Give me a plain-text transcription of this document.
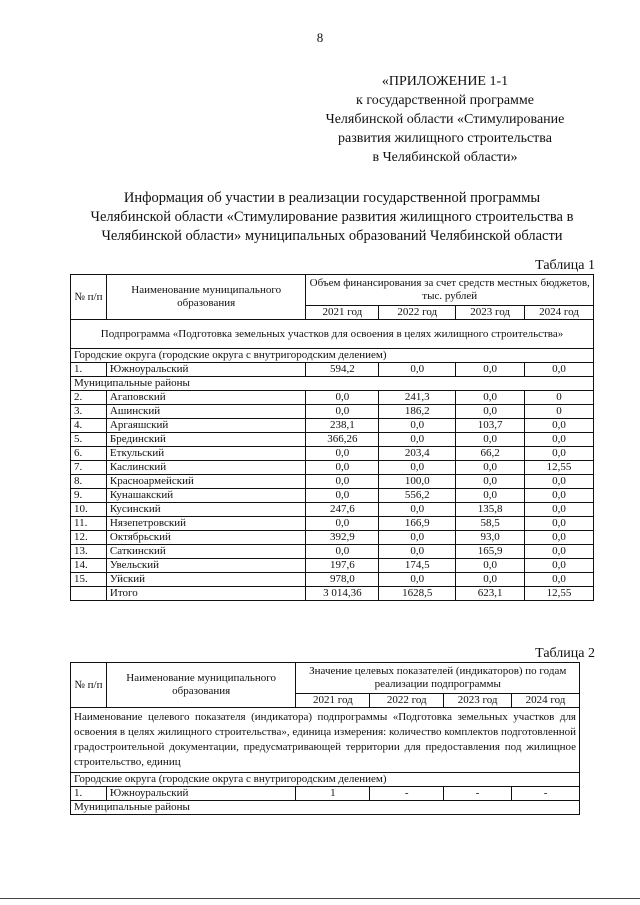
8
«ПРИЛОЖЕНИЕ 1-1
к государственной программе
Челябинской области «Стимулирование
развития жилищного строительства
в Челябинской области»
Информация об участии в реализации государственной программы
Челябинской области «Стимулирование развития жилищного строительства в
Челябинской области» муниципальных образований Челябинской области
Таблица 1
№ п/п	Наименование муниципального образования	Объем финансирования за счет средств местных бюджетов, тыс. рублей			
		2021 год	2022 год	2023 год	2024 год
Подпрограмма «Подготовка земельных участков для освоения в целях жилищного строительства»					
Городские округа (городские округа с внутригородским делением)					
1.	Южноуральский	594,2	0,0	0,0	0,0
Муниципальные районы					
2.	Агаповский	0,0	241,3	0,0	0
3.	Ашинский	0,0	186,2	0,0	0
4.	Аргаяшский	238,1	0,0	103,7	0,0
5.	Брединский	366,26	0,0	0,0	0,0
6.	Еткульский	0,0	203,4	66,2	0,0
7.	Каслинский	0,0	0,0	0,0	12,55
8.	Красноармейский	0,0	100,0	0,0	0,0
9.	Кунашакский	0,0	556,2	0,0	0,0
10.	Кусинский	247,6	0,0	135,8	0,0
11.	Нязепетровский	0,0	166,9	58,5	0,0
12.	Октябрьский	392,9	0,0	93,0	0,0
13.	Саткинский	0,0	0,0	165,9	0,0
14.	Увельский	197,6	174,5	0,0	0,0
15.	Уйский	978,0	0,0	0,0	0,0
	Итого	3 014,36	1628,5	623,1	12,55
Таблица 2
№ п/п	Наименование муниципального образования	Значение целевых показателей (индикаторов) по годам реализации подпрограммы			
		2021 год	2022 год	2023 год	2024 год
Наименование целевого показателя (индикатора) подпрограммы «Подготовка земельных участков для освоения в целях жилищного строительства», единица измерения: количество комплектов подготовленной градостроительной документации, предусматривающей территории для предоставления под жилищное строительство, единиц					
Городские округа (городские округа с внутригородским делением)					
1.	Южноуральский	1	-	-	-
Муниципальные районы					
